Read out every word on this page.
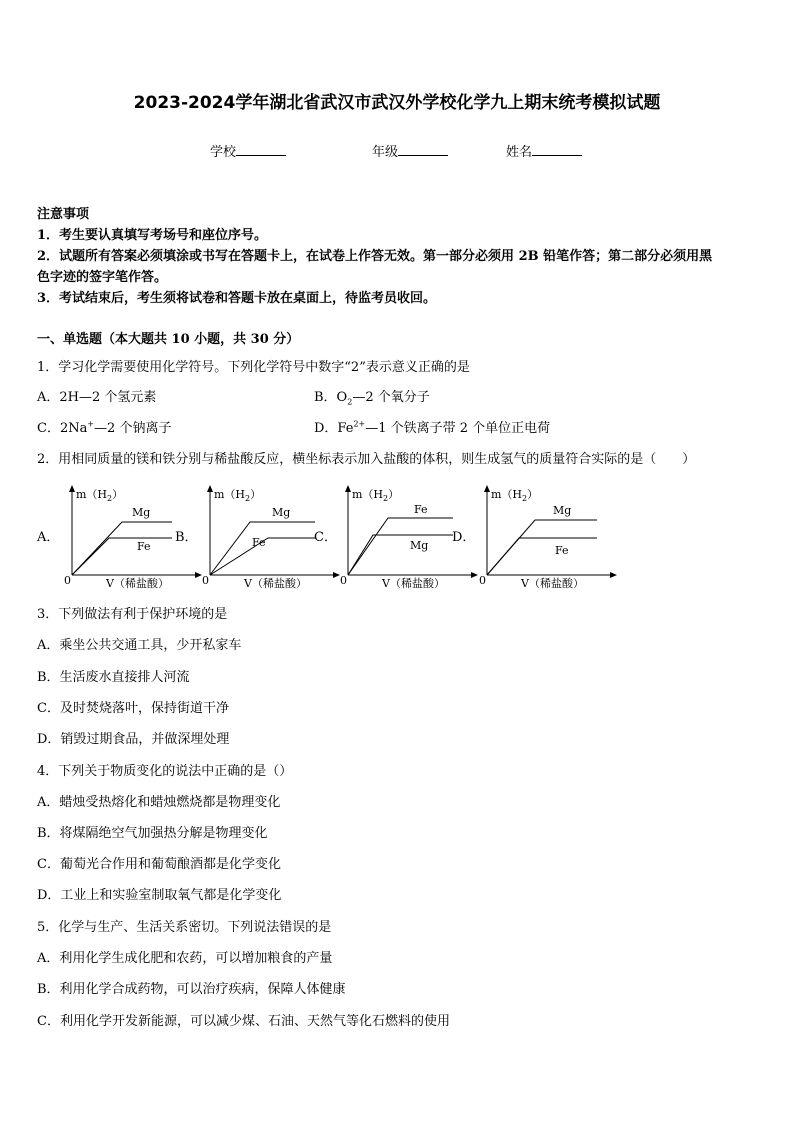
2023-2024学年湖北省武汉市武汉外学校化学九上期末统考模拟试题
学校	年级	姓名
注意事项
1．考生要认真填写考场号和座位序号。
2．试题所有答案必须填涂或书写在答题卡上，在试卷上作答无效。第一部分必须用 2B 铅笔作答；第二部分必须用黑
色字迹的签字笔作答。
3．考试结束后，考生须将试卷和答题卡放在桌面上，待监考员收回。
一、单选题（本大题共 10 小题，共 30 分）
1．学习化学需要使用化学符号。下列化学符号中数字“2”表示意义正确的是
A．2H—2 个氢元素	B．$O_2—2$ 个氧分子
C．2Na+—2 个钠离子	D．$Fe^{2+}—1$ 个铁离子带 2 个单位正电荷
2．用相同质量的镁和铁分别与稀盐酸反应，横坐标表示加入盐酸的体积，则生成氢气的质量符合实际的是（　　）
A．	B．	C．	D．
$m(H_2)$
0	V（稀盐酸）
Mg
Fe
$m(H_2)$
0	V（稀盐酸）
Mg
Fe
$m(H_2)$
0	V（稀盐酸）
Fe
Mg
$m(H_2)$
0	V（稀盐酸）
Mg
Fe
3．下列做法有利于保护环境的是
A．乘坐公共交通工具，少开私家车
B．生活废水直接排人河流
C．及时焚烧落叶，保持街道干净
D．销毁过期食品，并做深埋处理
4．下列关于物质变化的说法中正确的是（）
A．蜡烛受热熔化和蜡烛燃烧都是物理变化
B．将煤隔绝空气加强热分解是物理变化
C．葡萄光合作用和葡萄酿酒都是化学变化
D．工业上和实验室制取氧气都是化学变化
5．化学与生产、生活关系密切。下列说法错误的是
A．利用化学生成化肥和农药，可以增加粮食的产量
B．利用化学合成药物，可以治疗疾病，保障人体健康
C．利用化学开发新能源，可以减少煤、石油、天然气等化石燃料的使用
